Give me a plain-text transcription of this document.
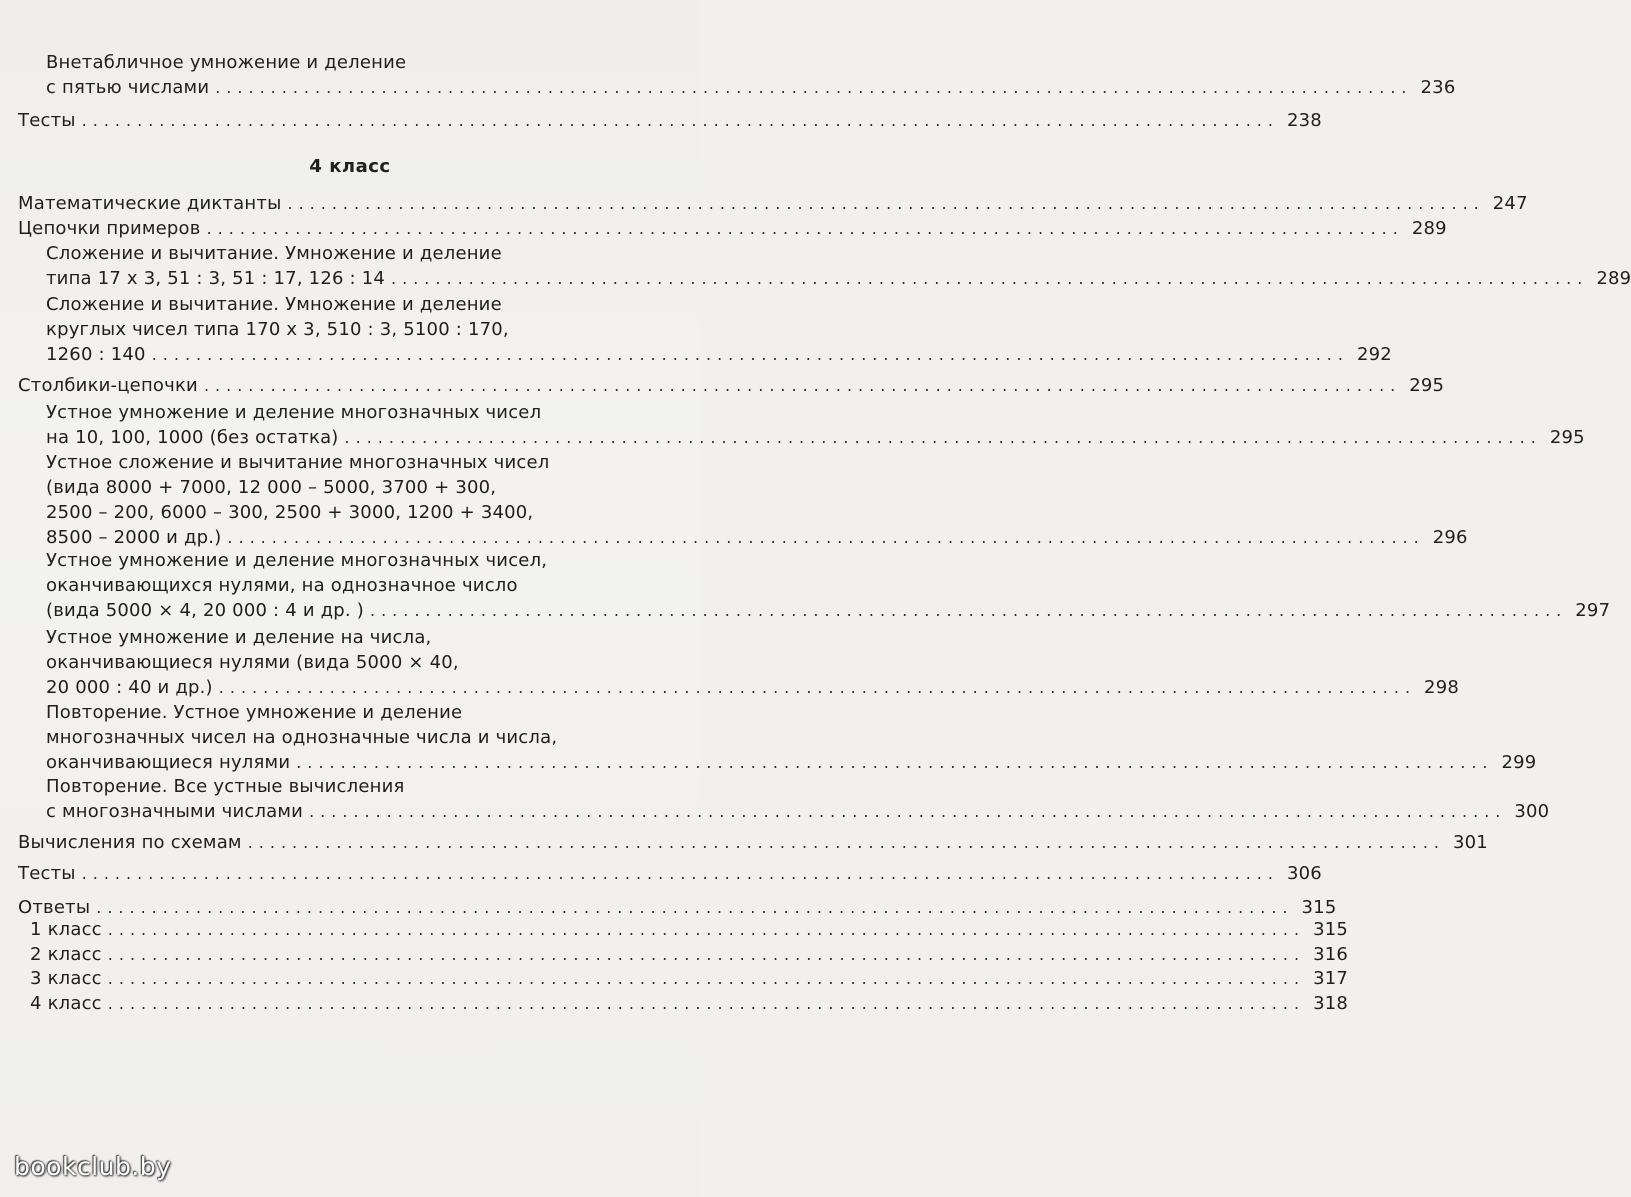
Внетабличное умножение и деление
с пятью числами ............................................................................................................ 236
Тесты ............................................................................................................ 238
4 класс
Математические диктанты ............................................................................................................ 247
Цепочки примеров ............................................................................................................ 289
Сложение и вычитание. Умножение и деление
типа 17 х 3, 51 : 3, 51 : 17, 126 : 14 ............................................................................................................ 289
Сложение и вычитание. Умножение и деление
круглых чисел типа 170 х 3, 510 : 3, 5100 : 170,
1260 : 140 ............................................................................................................ 292
Столбики-цепочки ............................................................................................................ 295
Устное умножение и деление многозначных чисел
на 10, 100, 1000 (без остатка) ............................................................................................................ 295
Устное сложение и вычитание многозначных чисел
(вида 8000 + 7000, 12 000 – 5000, 3700 + 300,
2500 – 200, 6000 – 300, 2500 + 3000, 1200 + 3400,
8500 – 2000 и др.) ............................................................................................................ 296
Устное умножение и деление многозначных чисел,
оканчивающихся нулями, на однозначное число
(вида 5000 × 4, 20 000 : 4 и др. ) ............................................................................................................ 297
Устное умножение и деление на числа,
оканчивающиеся нулями (вида 5000 × 40,
20 000 : 40 и др.) ............................................................................................................ 298
Повторение. Устное умножение и деление
многозначных чисел на однозначные числа и числа,
оканчивающиеся нулями ............................................................................................................ 299
Повторение. Все устные вычисления
с многозначными числами ............................................................................................................ 300
Вычисления по схемам ............................................................................................................ 301
Тесты ............................................................................................................ 306
Ответы ............................................................................................................ 315
1 класс ............................................................................................................ 315
2 класс ............................................................................................................ 316
3 класс ............................................................................................................ 317
4 класс ............................................................................................................ 318
bookclub.by
